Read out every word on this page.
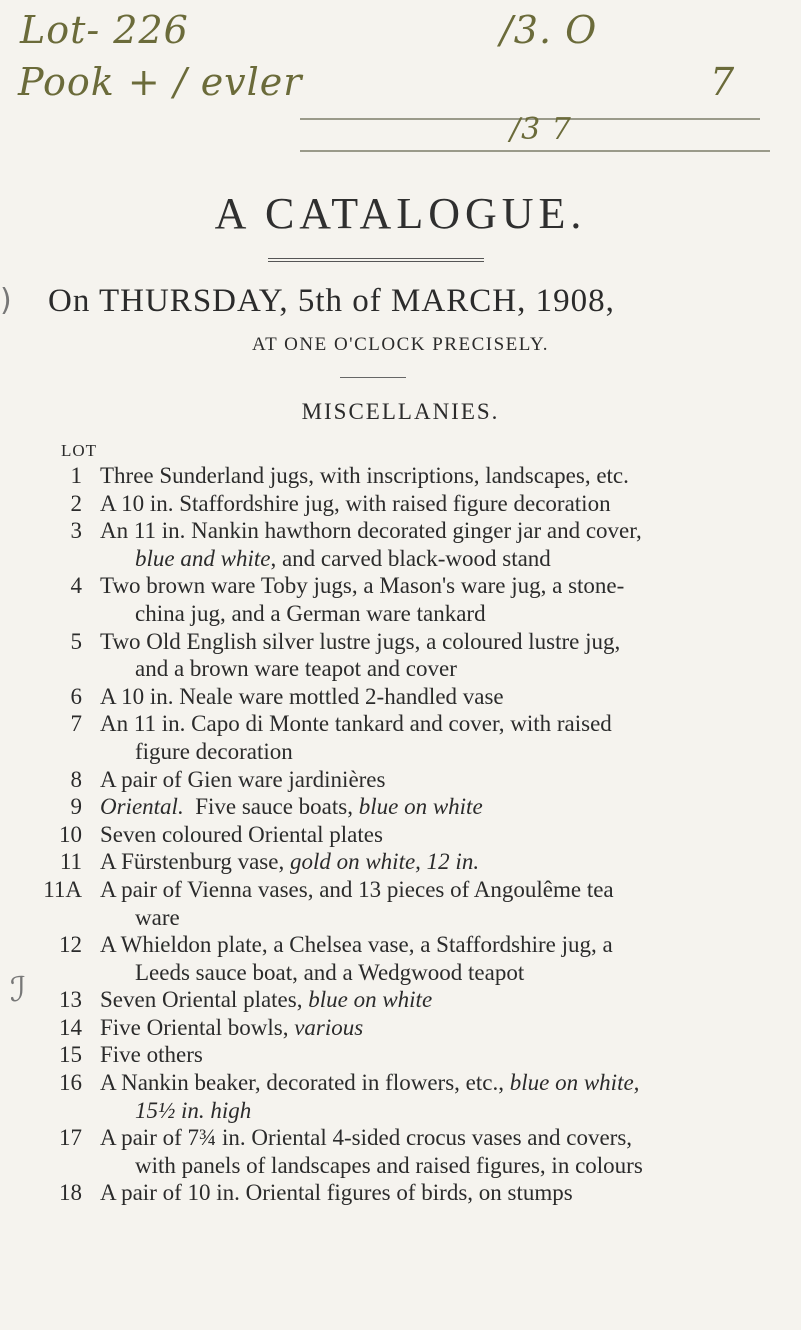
Lot- 226	/3. O
Pook + / evler	7
/3 7
A CATALOGUE.
On THURSDAY, 5th of MARCH, 1908,
AT ONE O'CLOCK PRECISELY.
MISCELLANIES.
LOT
)
ℐ
1 Three Sunderland jugs, with inscriptions, landscapes, etc.
2 A 10 in. Staffordshire jug, with raised figure decoration
3 An 11 in. Nankin hawthorn decorated ginger jar and cover,
blue and white, and carved black-wood stand
4 Two brown ware Toby jugs, a Mason's ware jug, a stone-
china jug, and a German ware tankard
5 Two Old English silver lustre jugs, a coloured lustre jug,
and a brown ware teapot and cover
6 A 10 in. Neale ware mottled 2-handled vase
7 An 11 in. Capo di Monte tankard and cover, with raised
figure decoration
8 A pair of Gien ware jardinières
9 Oriental.  Five sauce boats, blue on white
10 Seven coloured Oriental plates
11 A Fürstenburg vase, gold on white, 12 in.
11A A pair of Vienna vases, and 13 pieces of Angoulême tea
ware
12 A Whieldon plate, a Chelsea vase, a Staffordshire jug, a
Leeds sauce boat, and a Wedgwood teapot
13 Seven Oriental plates, blue on white
14 Five Oriental bowls, various
15 Five others
16 A Nankin beaker, decorated in flowers, etc., blue on white,
15½ in. high
17 A pair of 7¾ in. Oriental 4-sided crocus vases and covers,
with panels of landscapes and raised figures, in colours
18 A pair of 10 in. Oriental figures of birds, on stumps
